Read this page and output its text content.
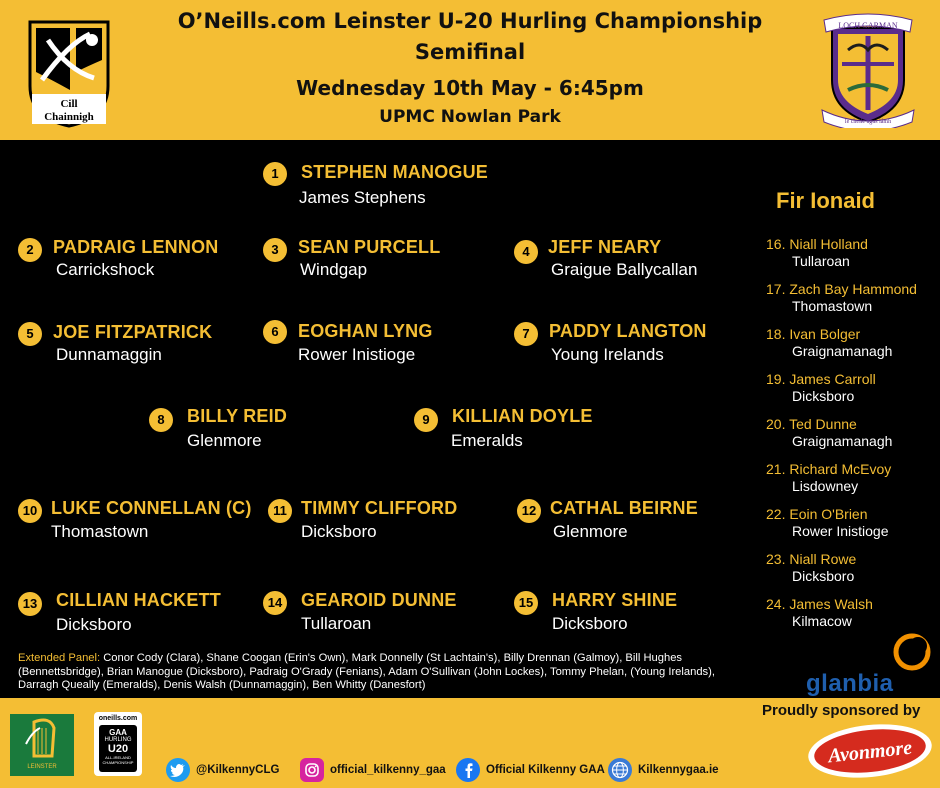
Cill
Chainnigh
O’Neills.com Leinster U-20 Hurling Championship
Semifinal
Wednesday 10th May - 6:45pm
UPMC Nowlan Park
LOCH GARMAN
le cheile agus lámh
1	STEPHEN MANOGUE
James Stephens
2	PADRAIG LENNON
Carrickshock
3	SEAN PURCELL
Windgap
4	JEFF NEARY
Graigue Ballycallan
5	JOE FITZPATRICK
Dunnamaggin
6	EOGHAN LYNG
Rower Inistioge
7	PADDY LANGTON
Young Irelands
8	BILLY REID
Glenmore
9	KILLIAN DOYLE
Emeralds
10 LUKE CONNELLAN (C)
Thomastown
11 TIMMY CLIFFORD
Dicksboro
12 CATHAL BEIRNE
Glenmore
13 CILLIAN HACKETT
Dicksboro
14 GEAROID DUNNE
Tullaroan
15 HARRY SHINE
Dicksboro
Fir Ionaid
16. Niall Holland
Tullaroan
17. Zach Bay Hammond
Thomastown
18. Ivan Bolger
Graignamanagh
19. James Carroll
Dicksboro
20. Ted Dunne
Graignamanagh
21. Richard McEvoy
Lisdowney
22. Eoin O'Brien
Rower Inistioge
23. Niall Rowe
Dicksboro
24. James Walsh
Kilmacow
Extended Panel: Conor Cody (Clara), Shane Coogan (Erin's Own), Mark Donnelly (St Lachtain's), Billy Drennan (Galmoy), Bill Hughes (Bennettsbridge), Brian Manogue (Dicksboro), Padraig O'Grady (Fenians), Adam O'Sullivan (John Lockes), Tommy Phelan, (Young Irelands), Darragh Queally (Emeralds), Denis Walsh (Dunnamaggin), Ben Whitty (Danesfort)	glanbia
LEINSTER
oneills.com
GAA
HURLING
U20
ALL-IRELAND CHAMPIONSHIP
@KilkennyCLG	official_kilkenny_gaa	Official Kilkenny GAA	Kilkennygaa.ie
Proudly sponsored by
Avonmore
